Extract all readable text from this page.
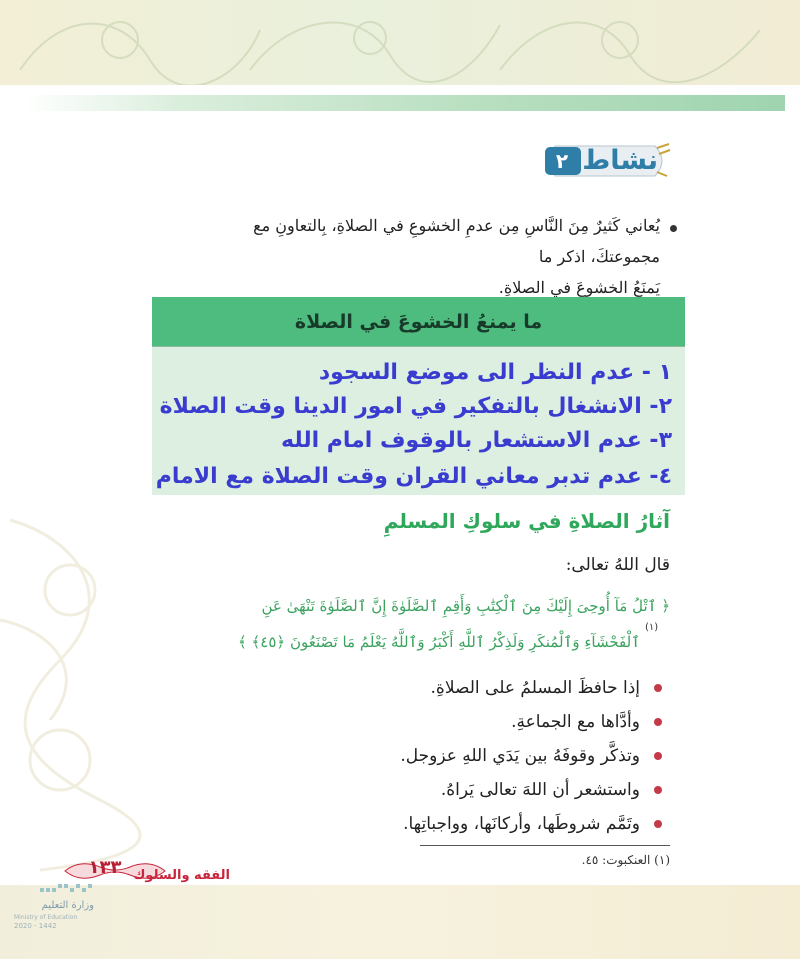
نشاط
٢
يُعاني كَثيرٌ مِنَ النَّاسِ مِن عدمِ الخشوعِ في الصلاةِ، بِالتعاونِ مع مجموعتكَ، اذكر ما
يَمنَعُ الخشوعَ في الصلاةِ.
ما يمنعُ الخشوعَ في الصلاة
١ - عدم النظر الى موضع السجود
٢- الانشغال بالتفكير في امور الدينا وقت الصلاة
٣- عدم الاستشعار بالوقوف امام الله
٤- عدم تدبر معاني القران وقت الصلاة مع الامام
آثارُ الصلاةِ في سلوكِ المسلمِ
قال اللهُ تعالى:
﴿ ٱتْلُ مَآ أُوحِىَ إِلَيْكَ مِنَ ٱلْكِتَٰبِ وَأَقِمِ ٱلصَّلَوٰةَ إِنَّ ٱلصَّلَوٰةَ تَنْهَىٰ عَنِ
ٱلْفَحْشَآءِ وَٱلْمُنكَرِ وَلَذِكْرُ ٱللَّهِ أَكْبَرُ وَٱللَّهُ يَعْلَمُ مَا تَصْنَعُونَ ﴿٤٥﴾ ﴾
(١)
إذا حافظَ المسلمُ على الصلاةِ.
وأدَّاها مع الجماعةِ.
وتذكَّر وقوفَهُ بين يَدَي اللهِ عزوجل.
واستشعر أن اللهَ تعالى يَراهُ.
وتَمَّم شروطَها، وأركانَها، وواجباتِها.
(١) العنكبوت: ٤٥.
١٣٣ الفقه والسلوك
وزارة التعليم
Ministry of Education
2020 - 1442
